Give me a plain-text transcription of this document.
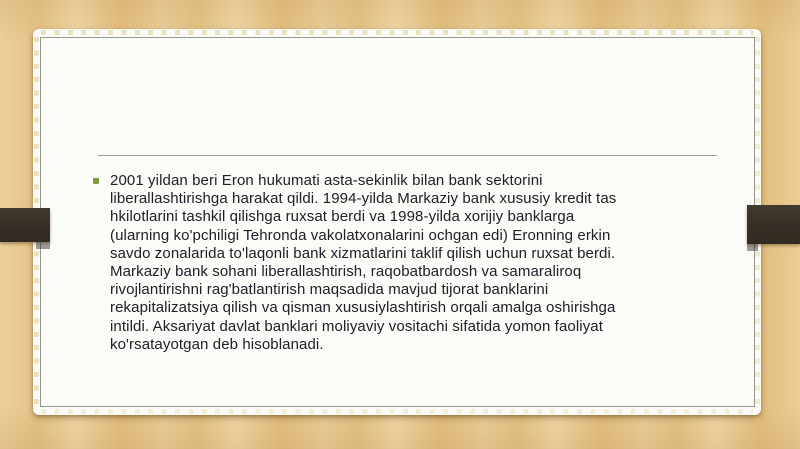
2001 yildan beri Eron hukumati asta-sekinlik bilan bank sektorini
liberallashtirishga harakat qildi. 1994-yilda Markaziy bank xususiy kredit tas
hkilotlarini tashkil qilishga ruxsat berdi va 1998-yilda xorijiy banklarga
(ularning ko'pchiligi Tehronda vakolatxonalarini ochgan edi) Eronning erkin
savdo zonalarida to'laqonli bank xizmatlarini taklif qilish uchun ruxsat berdi.
Markaziy bank sohani liberallashtirish, raqobatbardosh va samaraliroq
rivojlantirishni rag'batlantirish maqsadida mavjud tijorat banklarini
rekapitalizatsiya qilish va qisman xususiylashtirish orqali amalga oshirishga
intildi. Aksariyat davlat banklari moliyaviy vositachi sifatida yomon faoliyat
ko'rsatayotgan deb hisoblanadi.
